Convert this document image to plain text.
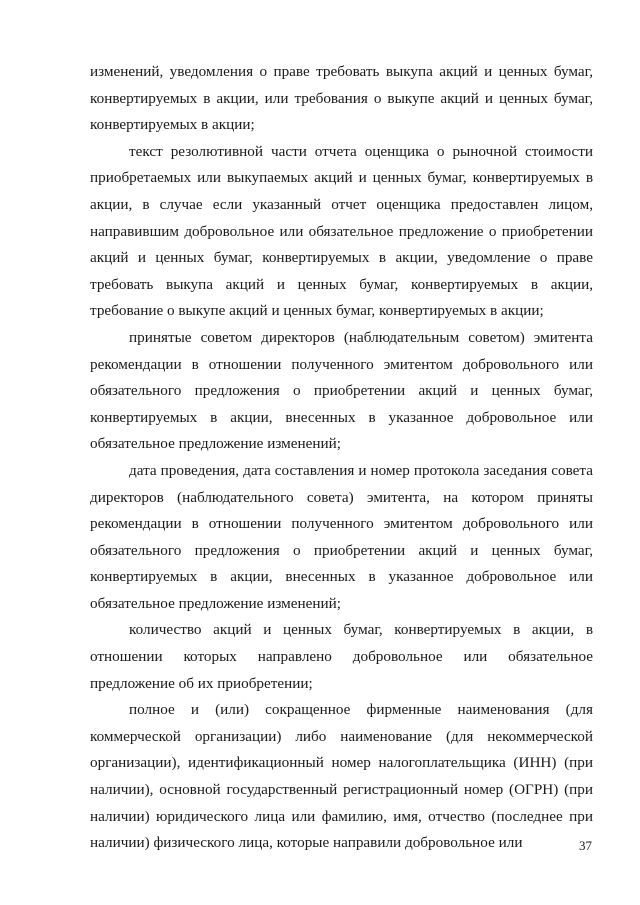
изменений, уведомления о праве требовать выкупа акций и ценных бумаг, конвертируемых в акции, или требования о выкупе акций и ценных бумаг, конвертируемых в акции;

текст резолютивной части отчета оценщика о рыночной стоимости приобретаемых или выкупаемых акций и ценных бумаг, конвертируемых в акции, в случае если указанный отчет оценщика предоставлен лицом, направившим добровольное или обязательное предложение о приобретении акций и ценных бумаг, конвертируемых в акции, уведомление о праве требовать выкупа акций и ценных бумаг, конвертируемых в акции, требование о выкупе акций и ценных бумаг, конвертируемых в акции;

принятые советом директоров (наблюдательным советом) эмитента рекомендации в отношении полученного эмитентом добровольного или обязательного предложения о приобретении акций и ценных бумаг, конвертируемых в акции, внесенных в указанное добровольное или обязательное предложение изменений;

дата проведения, дата составления и номер протокола заседания совета директоров (наблюдательного совета) эмитента, на котором приняты рекомендации в отношении полученного эмитентом добровольного или обязательного предложения о приобретении акций и ценных бумаг, конвертируемых в акции, внесенных в указанное добровольное или обязательное предложение изменений;

количество акций и ценных бумаг, конвертируемых в акции, в отношении которых направлено добровольное или обязательное предложение об их приобретении;

полное и (или) сокращенное фирменные наименования (для коммерческой организации) либо наименование (для некоммерческой организации), идентификационный номер налогоплательщика (ИНН) (при наличии), основной государственный регистрационный номер (ОГРН) (при наличии) юридического лица или фамилию, имя, отчество (последнее при наличии) физического лица, которые направили добровольное или	37
